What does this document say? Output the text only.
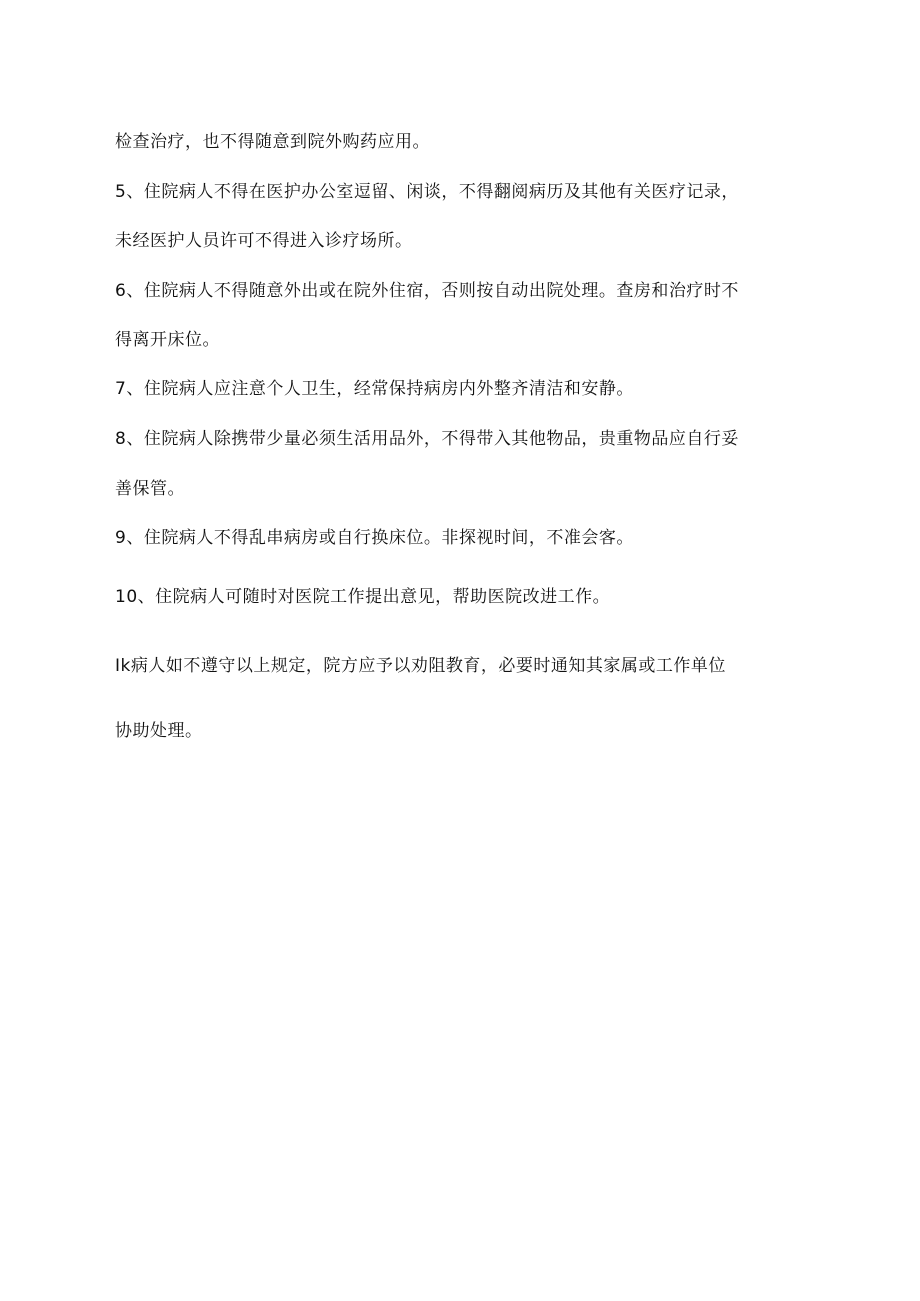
检查治疗，也不得随意到院外购药应用。
5、住院病人不得在医护办公室逗留、闲谈，不得翻阅病历及其他有关医疗记录，
未经医护人员许可不得进入诊疗场所。
6、住院病人不得随意外出或在院外住宿，否则按自动出院处理。查房和治疗时不
得离开床位。
7、住院病人应注意个人卫生，经常保持病房内外整齐清洁和安静。
8、住院病人除携带少量必须生活用品外，不得带入其他物品，贵重物品应自行妥
善保管。
9、住院病人不得乱串病房或自行换床位。非探视时间，不准会客。
10、住院病人可随时对医院工作提出意见，帮助医院改进工作。
Ik病人如不遵守以上规定，院方应予以劝阻教育，必要时通知其家属或工作单位
协助处理。
